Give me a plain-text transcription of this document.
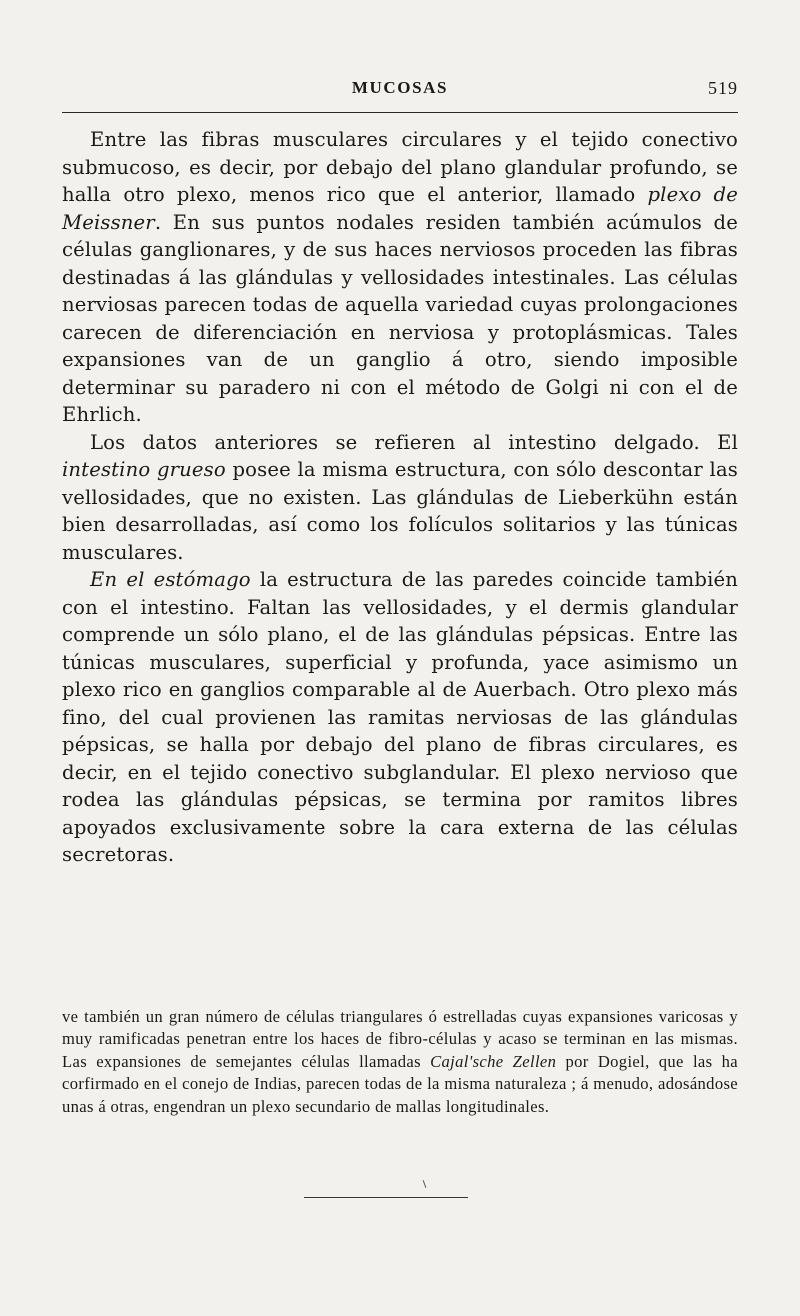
MUCOSAS	519

Entre las fibras musculares circulares y el tejido conectivo submucoso, es decir, por debajo del plano glandular profundo, se halla otro plexo, menos rico que el anterior, llamado plexo de Meissner. En sus puntos nodales residen también acúmulos de células ganglionares, y de sus haces nerviosos proceden las fibras destinadas á las glándulas y vellosidades intestinales. Las células nerviosas parecen todas de aquella variedad cuyas prolongaciones carecen de diferenciación en nerviosa y protoplásmicas. Tales expansiones van de un ganglio á otro, siendo imposible determinar su paradero ni con el método de Golgi ni con el de Ehrlich.

Los datos anteriores se refieren al intestino delgado. El intestino grueso posee la misma estructura, con sólo descontar las vellosidades, que no existen. Las glándulas de Lieberkühn están bien desarrolladas, así como los folículos solitarios y las túnicas musculares.

En el estómago la estructura de las paredes coincide también con el intestino. Faltan las vellosidades, y el dermis glandular comprende un sólo plano, el de las glándulas pépsicas. Entre las túnicas musculares, superficial y profunda, yace asimismo un plexo rico en ganglios comparable al de Auerbach. Otro plexo más fino, del cual provienen las ramitas nerviosas de las glándulas pépsicas, se halla por debajo del plano de fibras circulares, es decir, en el tejido conectivo subglandular. El plexo nervioso que rodea las glándulas pépsicas, se termina por ramitos libres apoyados exclusivamente sobre la cara externa de las células secretoras.

ve también un gran número de células triangulares ó estrelladas cuyas expansiones varicosas y muy ramificadas penetran entre los haces de fibro-células y acaso se terminan en las mismas. Las expansiones de semejantes células llamadas Cajal'sche Zellen por Dogiel, que las ha corfirmado en el conejo de Indias, parecen todas de la misma naturaleza ; á menudo, adosándose unas á otras, engendran un plexo secundario de mallas longitudinales.
